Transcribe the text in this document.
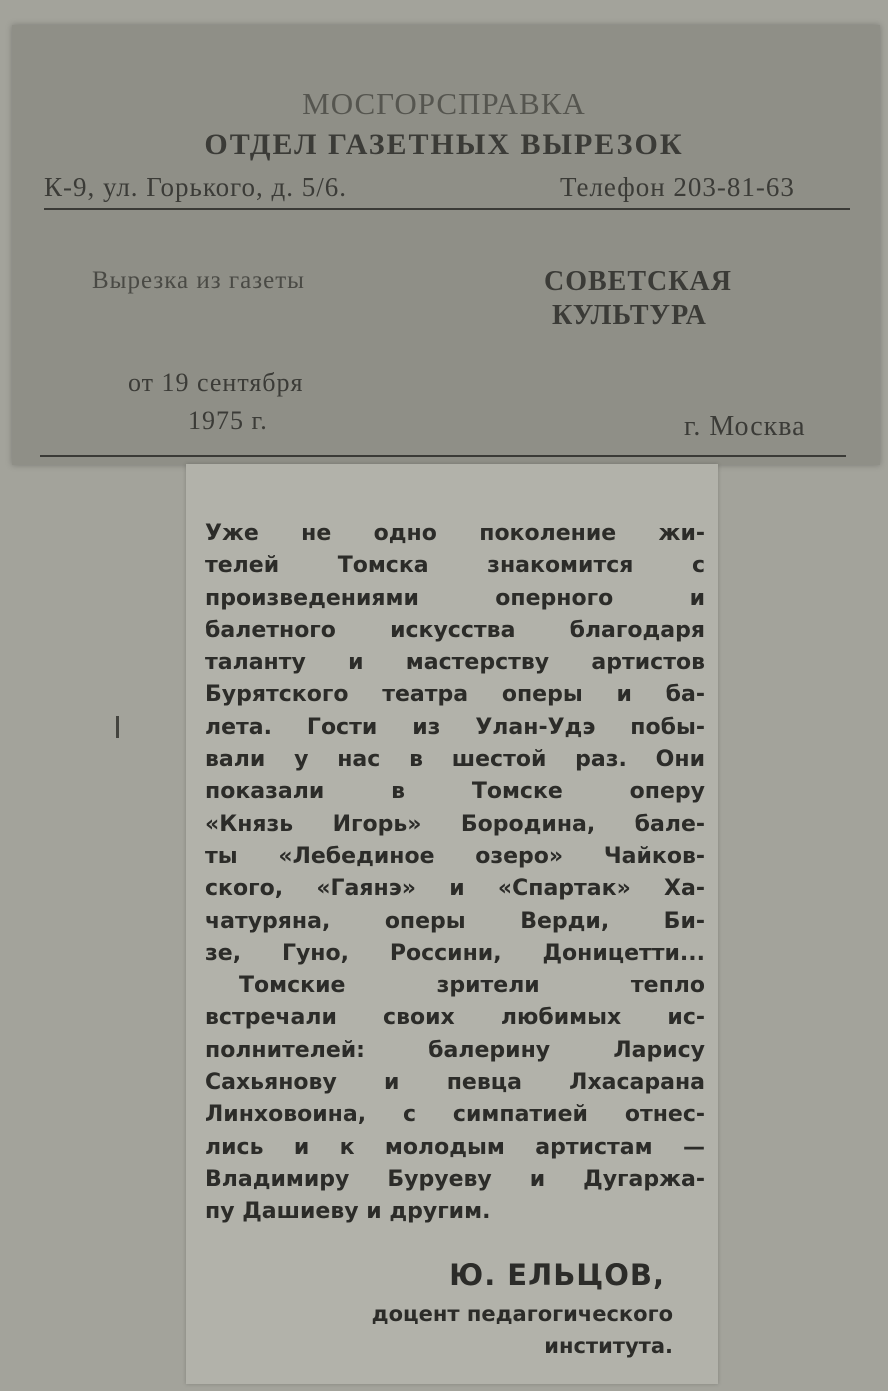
МОСГОРСПРАВКА
ОТДЕЛ ГАЗЕТНЫХ ВЫРЕЗОК
К-9, ул. Горького, д. 5/6.	Телефон 203-81-63
Вырезка из газеты	СОВЕТСКАЯ
КУЛЬТУРА
от 19 сентября
1975 г.	г. Москва
Уже не одно поколение жи-
телей Томска знакомится с
произведениями оперного и
балетного искусства благодаря
таланту и мастерству артистов
Бурятского театра оперы и ба-
лета. Гости из Улан-Удэ побы-
вали у нас в шестой раз. Они
показали в Томске оперу
«Князь Игорь» Бородина, бале-
ты «Лебединое озеро» Чайков-
ского, «Гаянэ» и «Спартак» Ха-
чатуряна, оперы Верди, Би-
зе, Гуно, Россини, Доницетти...
Томские зрители тепло
встречали своих любимых ис-
полнителей: балерину Ларису
Сахьянову и певца Лхасарана
Линховоина, с симпатией отнес-
лись и к молодым артистам —
Владимиру Буруеву и Дугаржа-
пу Дашиеву и другим.
Ю. ЕЛЬЦОВ,
доцент педагогического
института.
